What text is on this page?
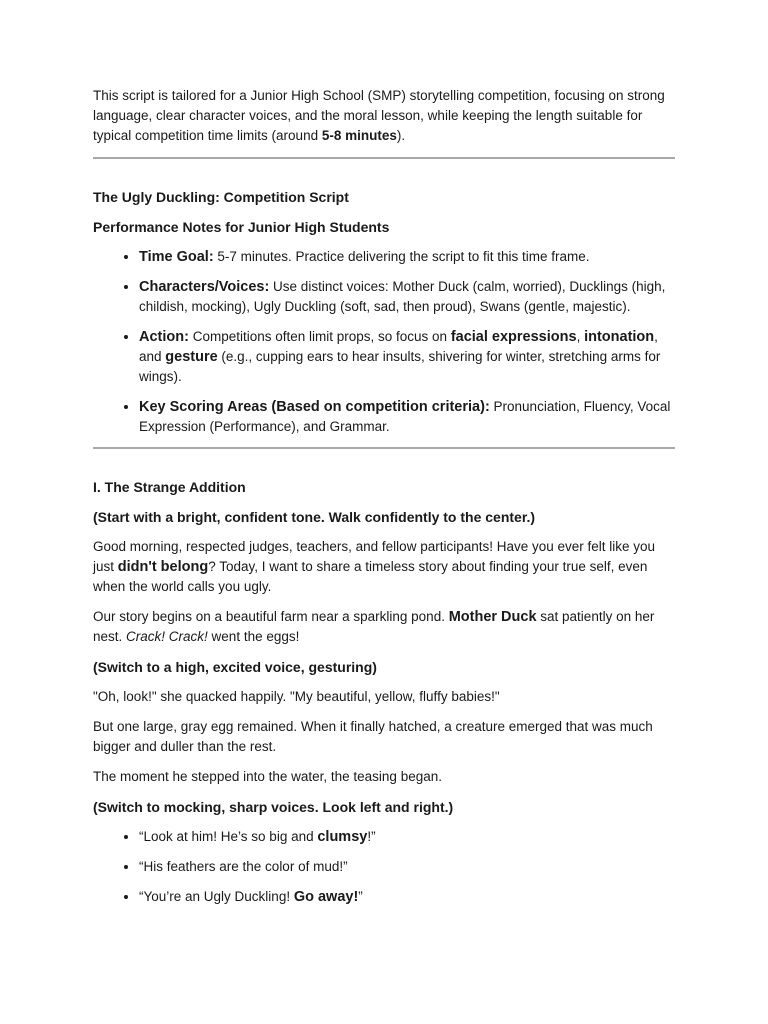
This script is tailored for a Junior High School (SMP) storytelling competition, focusing on strong language, clear character voices, and the moral lesson, while keeping the length suitable for typical competition time limits (around 5-8 minutes).

The Ugly Duckling: Competition Script

Performance Notes for Junior High Students

• Time Goal: 5-7 minutes. Practice delivering the script to fit this time frame.
• Characters/Voices: Use distinct voices: Mother Duck (calm, worried), Ducklings (high, childish, mocking), Ugly Duckling (soft, sad, then proud), Swans (gentle, majestic).
• Action: Competitions often limit props, so focus on facial expressions, intonation, and gesture (e.g., cupping ears to hear insults, shivering for winter, stretching arms for wings).
• Key Scoring Areas (Based on competition criteria): Pronunciation, Fluency, Vocal Expression (Performance), and Grammar.

I. The Strange Addition

(Start with a bright, confident tone. Walk confidently to the center.)

Good morning, respected judges, teachers, and fellow participants! Have you ever felt like you just didn't belong? Today, I want to share a timeless story about finding your true self, even when the world calls you ugly.

Our story begins on a beautiful farm near a sparkling pond. Mother Duck sat patiently on her nest. Crack! Crack! went the eggs!

(Switch to a high, excited voice, gesturing)

"Oh, look!" she quacked happily. "My beautiful, yellow, fluffy babies!"

But one large, gray egg remained. When it finally hatched, a creature emerged that was much bigger and duller than the rest.

The moment he stepped into the water, the teasing began.

(Switch to mocking, sharp voices. Look left and right.)

• “Look at him! He’s so big and clumsy!”
• “His feathers are the color of mud!”
• “You’re an Ugly Duckling! Go away!”
